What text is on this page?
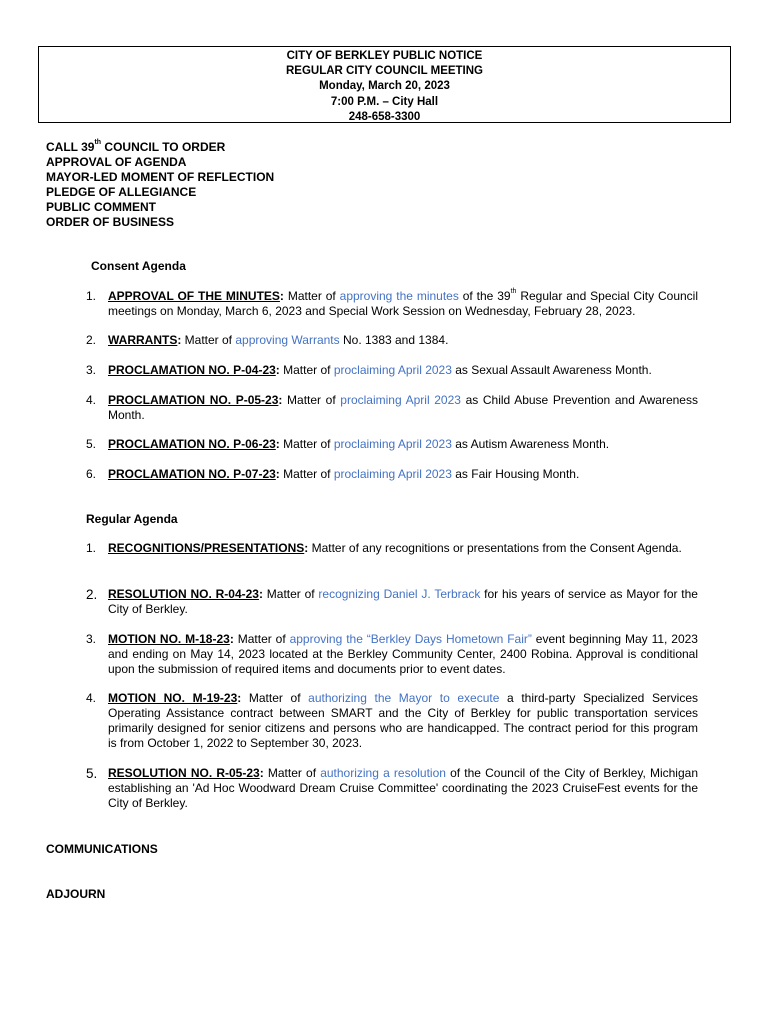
CITY OF BERKLEY PUBLIC NOTICE
REGULAR CITY COUNCIL MEETING
Monday, March 20, 2023
7:00 P.M. – City Hall
248-658-3300
CALL 39th COUNCIL TO ORDER
APPROVAL OF AGENDA
MAYOR-LED MOMENT OF REFLECTION
PLEDGE OF ALLEGIANCE
PUBLIC COMMENT
ORDER OF BUSINESS
Consent Agenda
1. APPROVAL OF THE MINUTES: Matter of approving the minutes of the 39th Regular and Special City Council meetings on Monday, March 6, 2023 and Special Work Session on Wednesday, February 28, 2023.
2. WARRANTS: Matter of approving Warrants No. 1383 and 1384.
3. PROCLAMATION NO. P-04-23: Matter of proclaiming April 2023 as Sexual Assault Awareness Month.
4. PROCLAMATION NO. P-05-23: Matter of proclaiming April 2023 as Child Abuse Prevention and Awareness Month.
5. PROCLAMATION NO. P-06-23: Matter of proclaiming April 2023 as Autism Awareness Month.
6. PROCLAMATION NO. P-07-23: Matter of proclaiming April 2023 as Fair Housing Month.
Regular Agenda
1. RECOGNITIONS/PRESENTATIONS: Matter of any recognitions or presentations from the Consent Agenda.
2. RESOLUTION NO. R-04-23: Matter of recognizing Daniel J. Terbrack for his years of service as Mayor for the City of Berkley.
3. MOTION NO. M-18-23: Matter of approving the “Berkley Days Hometown Fair” event beginning May 11, 2023 and ending on May 14, 2023 located at the Berkley Community Center, 2400 Robina. Approval is conditional upon the submission of required items and documents prior to event dates.
4. MOTION NO. M-19-23: Matter of authorizing the Mayor to execute a third-party Specialized Services Operating Assistance contract between SMART and the City of Berkley for public transportation services primarily designed for senior citizens and persons who are handicapped. The contract period for this program is from October 1, 2022 to September 30, 2023.
5. RESOLUTION NO. R-05-23: Matter of authorizing a resolution of the Council of the City of Berkley, Michigan establishing an 'Ad Hoc Woodward Dream Cruise Committee' coordinating the 2023 CruiseFest events for the City of Berkley.
COMMUNICATIONS
ADJOURN
